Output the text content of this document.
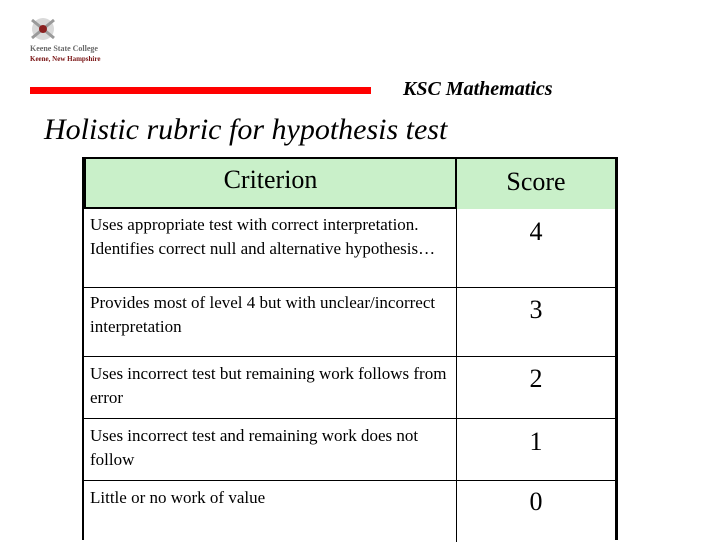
Keene State College
Keene, New Hampshire
KSC Mathematics
Holistic rubric for hypothesis test
Criterion	Score
Uses appropriate test with correct interpretation. Identifies correct null and alternative hypothesis…
4
Provides most of level 4 but with unclear/incorrect interpretation
3
Uses incorrect test but remaining work follows from error
2
Uses incorrect test and remaining work does not follow
1
Little or no work of value	0
